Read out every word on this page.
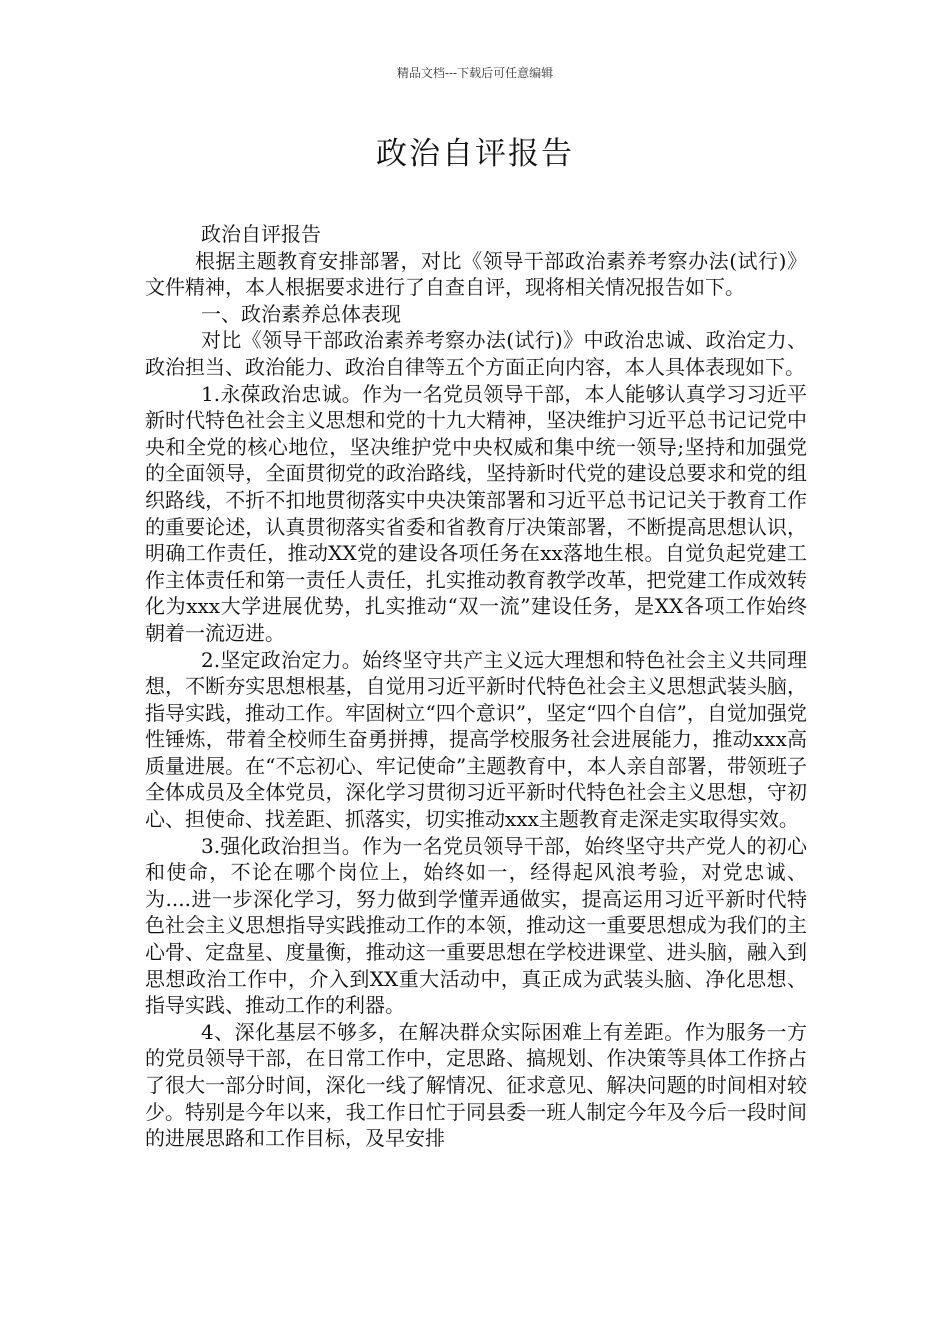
精品文档---下载后可任意编辑
政治自评报告

政治自评报告

根据主题教育安排部署，对比《领导干部政治素养考察办法(试行)》文件精神，本人根据要求进行了自查自评，现将相关情况报告如下。

一、政治素养总体表现

对比《领导干部政治素养考察办法(试行)》中政治忠诚、政治定力、政治担当、政治能力、政治自律等五个方面正向内容，本人具体表现如下。

1.永葆政治忠诚。作为一名党员领导干部，本人能够认真学习习近平新时代特色社会主义思想和党的十九大精神，坚决维护习近平总书记记党中央和全党的核心地位，坚决维护党中央权威和集中统一领导;坚持和加强党的全面领导，全面贯彻党的政治路线，坚持新时代党的建设总要求和党的组织路线，不折不扣地贯彻落实中央决策部署和习近平总书记记关于教育工作的重要论述，认真贯彻落实省委和省教育厅决策部署，不断提高思想认识，明确工作责任，推动XX党的建设各项任务在xx落地生根。自觉负起党建工作主体责任和第一责任人责任，扎实推动教育教学改革，把党建工作成效转化为xxx大学进展优势，扎实推动“双一流”建设任务，是XX各项工作始终朝着一流迈进。

2.坚定政治定力。始终坚守共产主义远大理想和特色社会主义共同理想，不断夯实思想根基，自觉用习近平新时代特色社会主义思想武装头脑，指导实践，推动工作。牢固树立“四个意识”，坚定“四个自信”，自觉加强党性锤炼，带着全校师生奋勇拼搏，提高学校服务社会进展能力，推动xxx高质量进展。在“不忘初心、牢记使命”主题教育中，本人亲自部署，带领班子全体成员及全体党员，深化学习贯彻习近平新时代特色社会主义思想，守初心、担使命、找差距、抓落实，切实推动xxx主题教育走深走实取得实效。

3.强化政治担当。作为一名党员领导干部，始终坚守共产党人的初心和使命，不论在哪个岗位上，始终如一，经得起风浪考验，对党忠诚、为....进一步深化学习，努力做到学懂弄通做实，提高运用习近平新时代特色社会主义思想指导实践推动工作的本领，推动这一重要思想成为我们的主心骨、定盘星、度量衡，推动这一重要思想在学校进课堂、进头脑，融入到思想政治工作中，介入到XX重大活动中，真正成为武装头脑、净化思想、指导实践、推动工作的利器。

4、深化基层不够多，在解决群众实际困难上有差距。作为服务一方的党员领导干部，在日常工作中，定思路、搞规划、作决策等具体工作挤占了很大一部分时间，深化一线了解情况、征求意见、解决问题的时间相对较少。特别是今年以来，我工作日忙于同县委一班人制定今年及今后一段时间的进展思路和工作目标，及早安排
